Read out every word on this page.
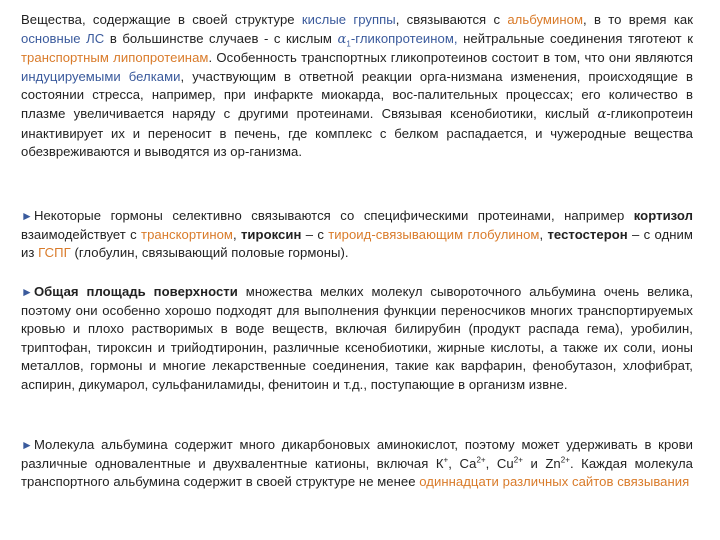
Вещества, содержащие в своей структуре кислые группы, связываются с альбумином, в то время как основные ЛС в большинстве случаев - с кислым $\alpha_1$-гликопротеином, нейтральные соединения тяготеют к транспортным липопротеинам. Особенность транспортных гликопротеинов состоит в том, что они являются индуцируемыми белками, участвующим в ответной реакции орга-низмана изменения, происходящие в состоянии стресса, например, при инфаркте миокарда, вос-палительных процессах; его количество в плазме увеличивается наряду с другими протеинами. Связывая ксенобиотики, кислый α-гликопротеин инактивирует их и переносит в печень, где комплекс с белком распадается, и чужеродные вещества обезвреживаются и выводятся из ор-ганизма.

►Некоторые гормоны селективно связываются со специфическими протеинами, например кортизол взаимодействует с транскортином, тироксин – с тироид-связывающим глобулином, тестостерон – с одним из ГСПГ (глобулин, связывающий половые гормоны).

►Общая площадь поверхности множества мелких молекул сывороточного альбумина очень велика, поэтому они особенно хорошо подходят для выполнения функции переносчиков многих транспортируемых кровью и плохо растворимых в воде веществ, включая билирубин (продукт распада гема), уробилин, триптофан, тироксин и трийодтиронин, различные ксенобиотики, жирные кислоты, а также их соли, ионы металлов, гормоны и многие лекарственные соединения, такие как варфарин, фенобутазон, хлофибрат, аспирин, дикумарол, сульфаниламиды, фенитоин и т.д., поступающие в организм извне.

►Молекула альбумина содержит много дикарбоновых аминокислот, поэтому может удерживать в крови различные одновалентные и двухвалентные катионы, включая К+, $Са^{2+}$, $Cu^{2+}$ и $Zn^{2+}$. Каждая молекула транспортного альбумина содержит в своей структуре не менее одиннадцати различных сайтов связывания
